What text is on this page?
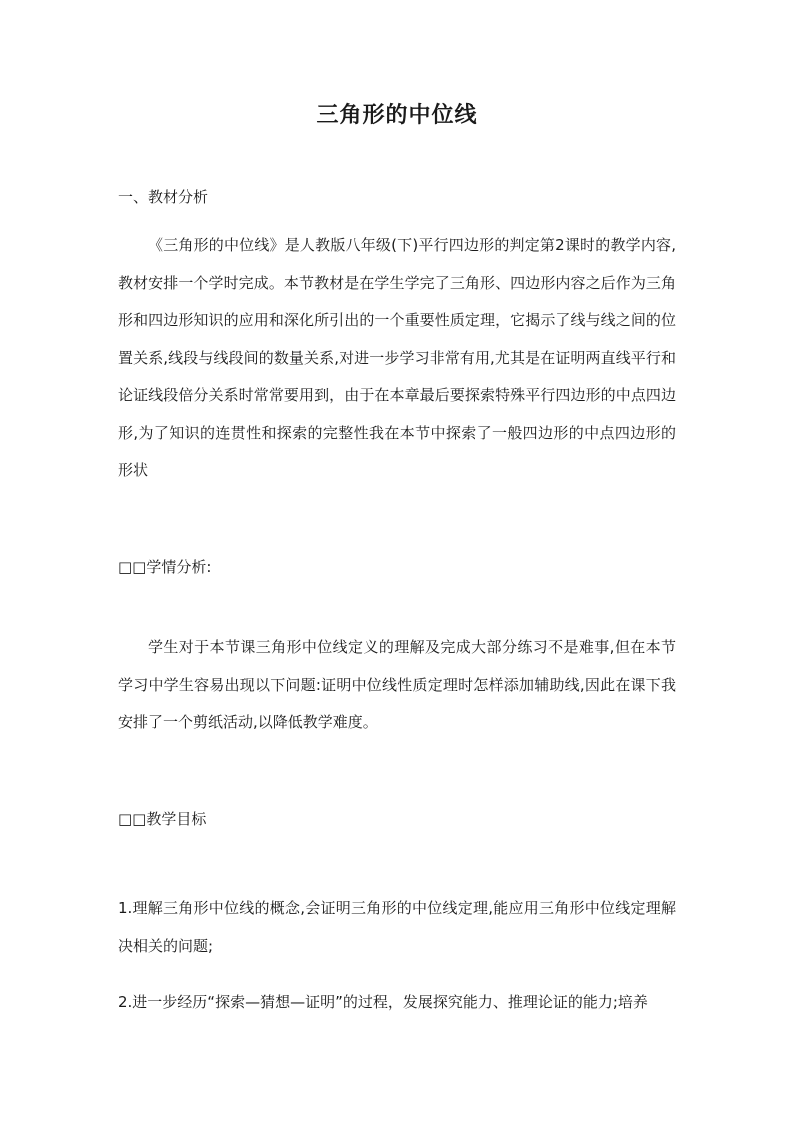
三角形的中位线
一、教材分析
《三角形的中位线》是人教版八年级(下)平行四边形的判定第2课时的教学内容,教材安排一个学时完成。本节教材是在学生学完了三角形、四边形内容之后作为三角形和四边形知识的应用和深化所引出的一个重要性质定理，它揭示了线与线之间的位置关系,线段与线段间的数量关系,对进一步学习非常有用,尤其是在证明两直线平行和论证线段倍分关系时常常要用到，由于在本章最后要探索特殊平行四边形的中点四边形,为了知识的连贯性和探索的完整性我在本节中探索了一般四边形的中点四边形的形状
□□学情分析:
学生对于本节课三角形中位线定义的理解及完成大部分练习不是难事,但在本节学习中学生容易出现以下问题:证明中位线性质定理时怎样添加辅助线,因此在课下我安排了一个剪纸活动,以降低教学难度。
□□教学目标
1.理解三角形中位线的概念,会证明三角形的中位线定理,能应用三角形中位线定理解决相关的问题;
2.进一步经历“探索—猜想—证明”的过程，发展探究能力、推理论证的能力;培养
